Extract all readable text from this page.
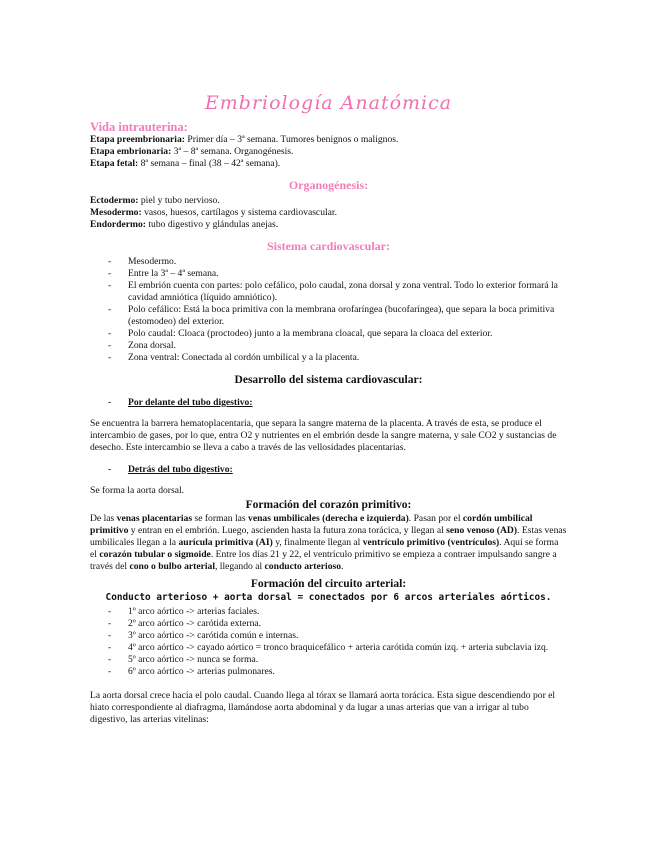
Embriología Anatómica

Vida intrauterina:

Etapa preembrionaria: Primer día – 3ª semana. Tumores benignos o malignos.

Etapa embrionaria: 3ª – 8ª semana. Organogénesis.

Etapa fetal: 8ª semana – final (38 – 42ª semana).

Organogénesis:

Ectodermo: piel y tubo nervioso.

Mesodermo: vasos, huesos, cartílagos y sistema cardiovascular.

Endordermo: tubo digestivo y glándulas anejas.

Sistema cardiovascular:

- Mesodermo.
- Entre la 3ª – 4ª semana.
- El embrión cuenta con partes: polo cefálico, polo caudal, zona dorsal y zona ventral. Todo lo exterior formará la cavidad amniótica (líquido amniótico).
- Polo cefálico: Está la boca primitiva con la membrana orofaríngea (bucofaríngea), que separa la boca primitiva (estomodeo) del exterior.
- Polo caudal: Cloaca (proctodeo) junto a la membrana cloacal, que separa la cloaca del exterior.
- Zona dorsal.
- Zona ventral: Conectada al cordón umbilical y a la placenta.

Desarrollo del sistema cardiovascular:

- Por delante del tubo digestivo:

Se encuentra la barrera hematoplacentaria, que separa la sangre materna de la placenta. A través de esta, se produce el intercambio de gases, por lo que, entra O2 y nutrientes en el embrión desde la sangre materna, y sale CO2 y sustancias de desecho. Este intercambio se lleva a cabo a través de las vellosidades placentarias.

- Detrás del tubo digestivo:

Se forma la aorta dorsal.

Formación del corazón primitivo:

De las venas placentarias se forman las venas umbilicales (derecha e izquierda). Pasan por el cordón umbilical primitivo y entran en el embrión. Luego, ascienden hasta la futura zona torácica, y llegan al seno venoso (AD). Estas venas umbilicales llegan a la aurícula primitiva (AI) y, finalmente llegan al ventrículo primitivo (ventrículos). Aquí se forma el corazón tubular o sigmoide. Entre los días 21 y 22, el ventrículo primitivo se empieza a contraer impulsando sangre a través del cono o bulbo arterial, llegando al conducto arterioso.

Formación del circuito arterial:

Conducto arterioso + aorta dorsal = conectados por 6 arcos arteriales aórticos.

- 1º arco aórtico -> arterias faciales.
- 2º arco aórtico -> carótida externa.
- 3º arco aórtico -> carótida común e internas.
- 4º arco aórtico -> cayado aórtico = tronco braquicefálico + arteria carótida común izq. + arteria subclavia izq.
- 5º arco aórtico -> nunca se forma.
- 6º arco aórtico -> arterias pulmonares.

La aorta dorsal crece hacia el polo caudal. Cuando llega al tórax se llamará aorta torácica. Esta sigue descendiendo por el hiato correspondiente al diafragma, llamándose aorta abdominal y da lugar a unas arterias que van a irrigar al tubo digestivo, las arterias vitelinas:
